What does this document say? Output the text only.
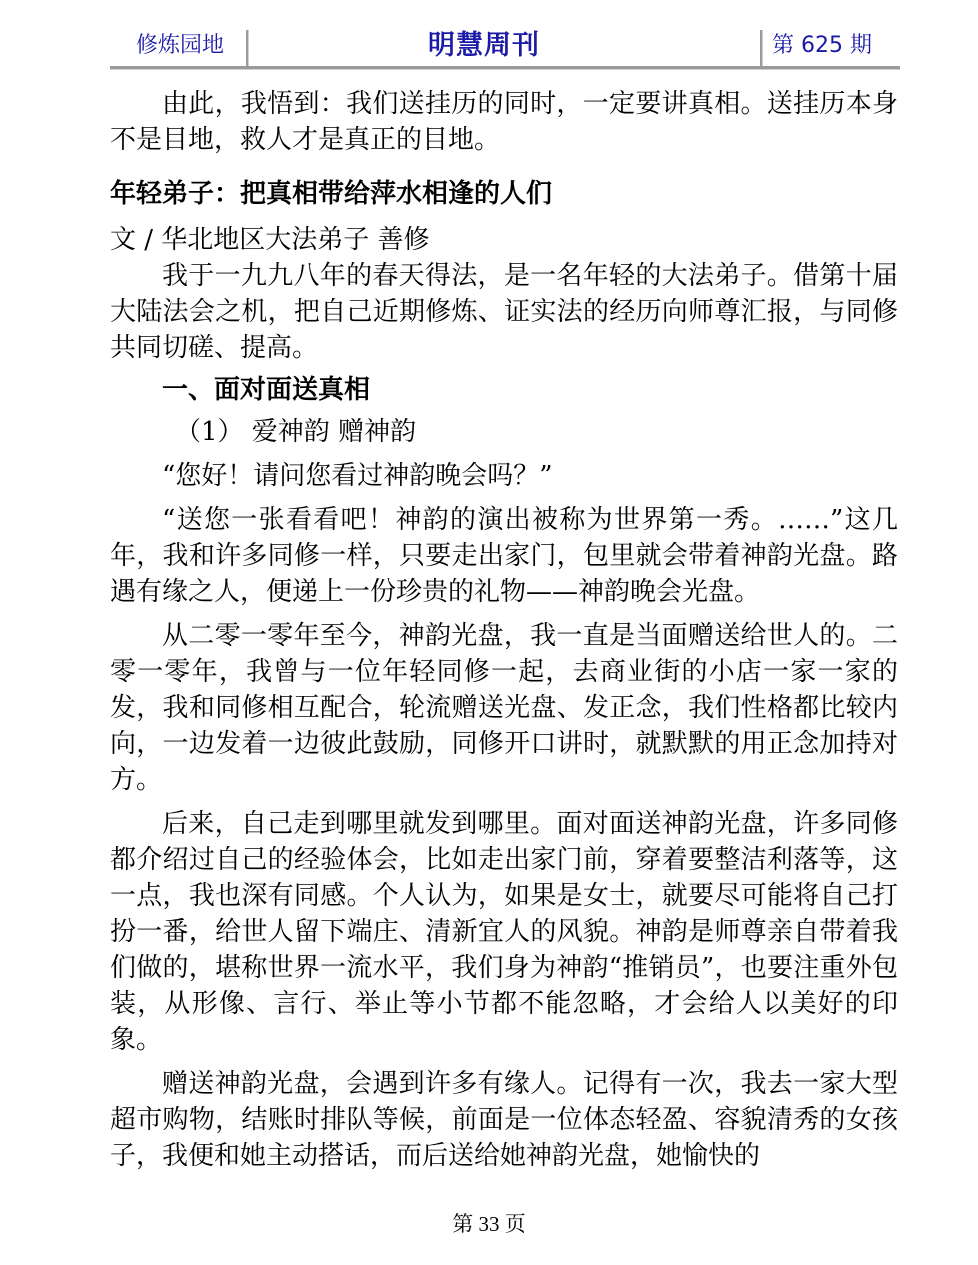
修炼园地	明慧周刊	第 625 期

由此，我悟到：我们送挂历的同时，一定要讲真相。送挂历本身不是目地，救人才是真正的目地。

年轻弟子：把真相带给萍水相逢的人们
文 / 华北地区大法弟子 善修

我于一九九八年的春天得法，是一名年轻的大法弟子。借第十届大陆法会之机，把自己近期修炼、证实法的经历向师尊汇报，与同修共同切磋、提高。

一、面对面送真相
（1） 爱神韵 赠神韵

“您好！请问您看过神韵晚会吗？”

“送您一张看看吧！神韵的演出被称为世界第一秀。……”这几年，我和许多同修一样，只要走出家门，包里就会带着神韵光盘。路遇有缘之人，便递上一份珍贵的礼物——神韵晚会光盘。

从二零一零年至今，神韵光盘，我一直是当面赠送给世人的。二零一零年，我曾与一位年轻同修一起，去商业街的小店一家一家的发，我和同修相互配合，轮流赠送光盘、发正念，我们性格都比较内向，一边发着一边彼此鼓励，同修开口讲时，就默默的用正念加持对方。

后来，自己走到哪里就发到哪里。面对面送神韵光盘，许多同修都介绍过自己的经验体会，比如走出家门前，穿着要整洁利落等，这一点，我也深有同感。个人认为，如果是女士，就要尽可能将自己打扮一番，给世人留下端庄、清新宜人的风貌。神韵是师尊亲自带着我们做的，堪称世界一流水平，我们身为神韵“推销员”，也要注重外包装，从形像、言行、举止等小节都不能忽略，才会给人以美好的印象。

赠送神韵光盘，会遇到许多有缘人。记得有一次，我去一家大型超市购物，结账时排队等候，前面是一位体态轻盈、容貌清秀的女孩子，我便和她主动搭话，而后送给她神韵光盘，她愉快的

第 33 页
